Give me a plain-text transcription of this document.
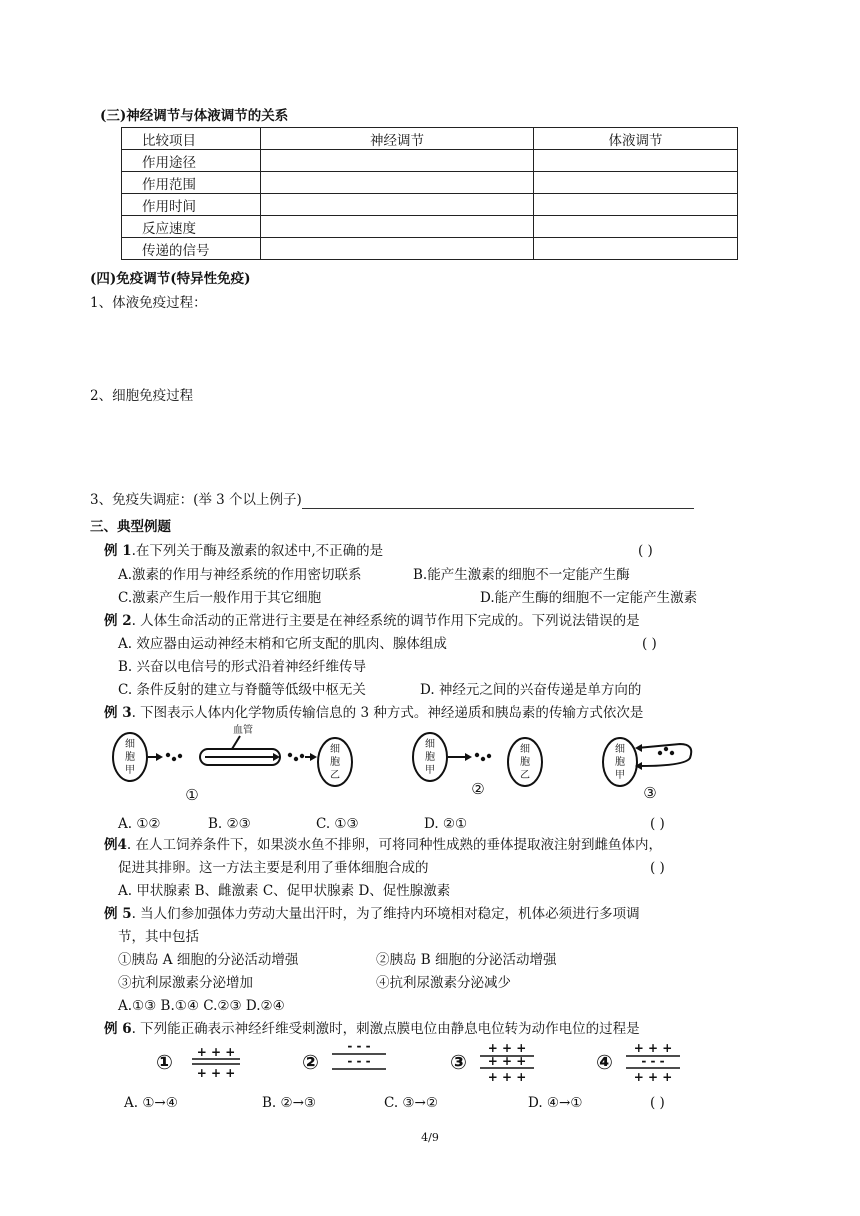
(三)神经调节与体液调节的关系
比较项目	神经调节	体液调节
作用途径		
作用范围		
作用时间		
反应速度		
传递的信号		
(四)免疫调节(特异性免疫)
1、体液免疫过程：
2、细胞免疫过程
3、免疫失调症：(举 3 个以上例子)
三、典型例题
例 1.在下列关于酶及激素的叙述中,不正确的是	( )
A.激素的作用与神经系统的作用密切联系	B.能产生激素的细胞不一定能产生酶
C.激素产生后一般作用于其它细胞	D.能产生酶的细胞不一定能产生激素
例 2. 人体生命活动的正常进行主要是在神经系统的调节作用下完成的。下列说法错误的是
A. 效应器由运动神经末梢和它所支配的肌肉、腺体组成	( )
B. 兴奋以电信号的形式沿着神经纤维传导
C. 条件反射的建立与脊髓等低级中枢无关	D. 神经元之间的兴奋传递是单方向的
例 3. 下图表示人体内化学物质传输信息的 3 种方式。神经递质和胰岛素的传输方式依次是
细
胞
甲
细
胞
乙
细
胞
甲
细
胞
乙
细
胞
甲
血管
①	②	③
A. ①②	B. ②③	C. ①③	D. ②①	( )
例4. 在人工饲养条件下，如果淡水鱼不排卵，可将同种性成熟的垂体提取液注射到雌鱼体内，
促进其排卵。这一方法主要是利用了垂体细胞合成的	( )
A. 甲状腺素 B、雌激素 C、促甲状腺素 D、促性腺激素
例 5. 当人们参加强体力劳动大量出汗时，为了维持内环境相对稳定，机体必须进行多项调
节，其中包括
①胰岛 A 细胞的分泌活动增强	②胰岛 B 细胞的分泌活动增强
③抗利尿激素分泌增加	④抗利尿激素分泌减少
A.①③ B.①④ C.②③ D.②④
例 6. 下列能正确表示神经纤维受刺激时，刺激点膜电位由静息电位转为动作电位的过程是
①	②	③	④
+ + +
+ + +
- - -
- - -
+ + +
+ + +
+ + +
+ + +
- - -
+ + +
A. ①→④	B. ②→③	C. ③→②	D. ④→①	( )
4/9
